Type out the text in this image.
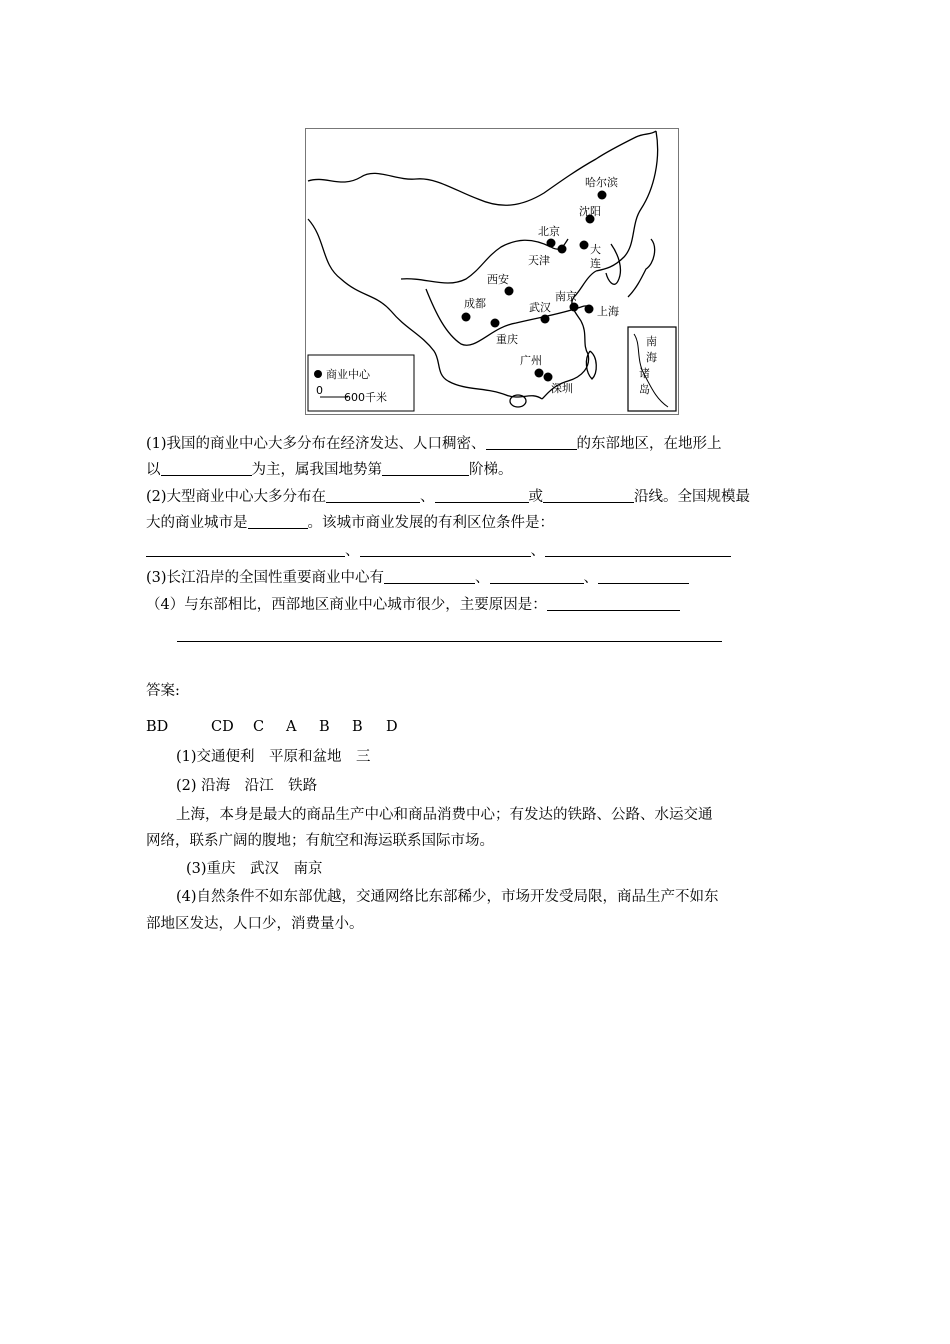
商业中心
0
600千米
南
海
诸
岛
哈尔滨
沈阳
北京
大
连
天津
西安
成都	武汉
南京
上海
重庆
广州
深圳
(1)我国的商业中心大多分布在经济发达、人口稠密、	的东部地区，在地形上
以	为主，属我国地势第	阶梯。
(2)大型商业中心大多分布在	、	或	沿线。全国规模最
大的商业城市是	。该城市商业发展的有利区位条件是：
、	、
(3)长江沿岸的全国性重要商业中心有	、	、
（4）与东部相比，西部地区商业中心城市很少，主要原因是：
答案:
BD	CD C A B B D
(1)交通便利　平原和盆地　三
(2) 沿海　沿江　铁路
上海，本身是最大的商品生产中心和商品消费中心；有发达的铁路、公路、水运交通
网络，联系广阔的腹地；有航空和海运联系国际市场。
(3)重庆　武汉　南京
(4)自然条件不如东部优越，交通网络比东部稀少，市场开发受局限，商品生产不如东
部地区发达，人口少，消费量小。
